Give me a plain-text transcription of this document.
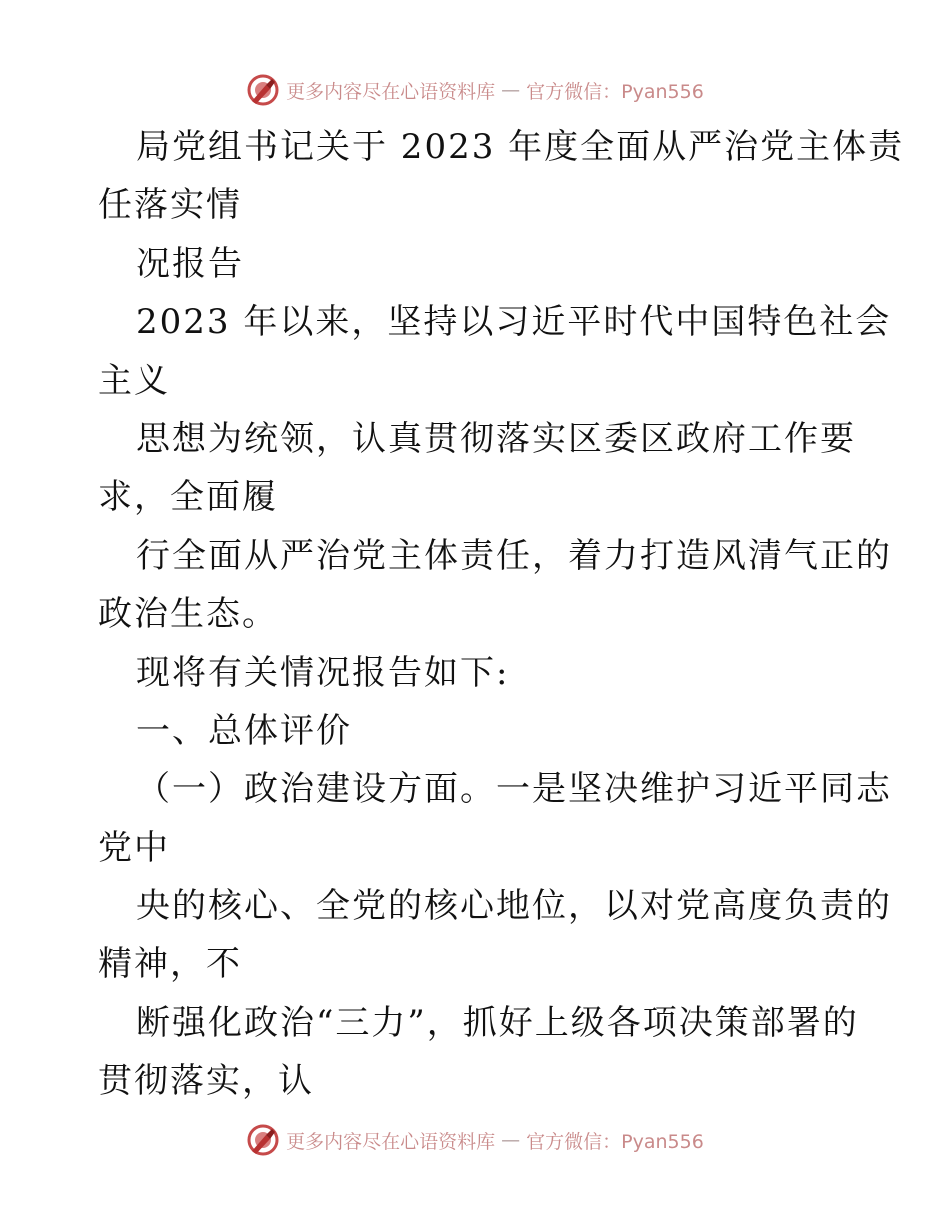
更多内容尽在心语资料库 — 官方微信：Pyan556
局党组书记关于 2023 年度全面从严治党主体责
任落实情
况报告
2023 年以来，坚持以习近平时代中国特色社会
主义
思想为统领，认真贯彻落实区委区政府工作要
求，全面履
行全面从严治党主体责任，着力打造风清气正的
政治生态。
现将有关情况报告如下:
一、总体评价
（一）政治建设方面。一是坚决维护习近平同志
党中
央的核心、全党的核心地位，以对党高度负责的
精神，不
断强化政治“三力”，抓好上级各项决策部署的
贯彻落实，认
更多内容尽在心语资料库 — 官方微信：Pyan556
